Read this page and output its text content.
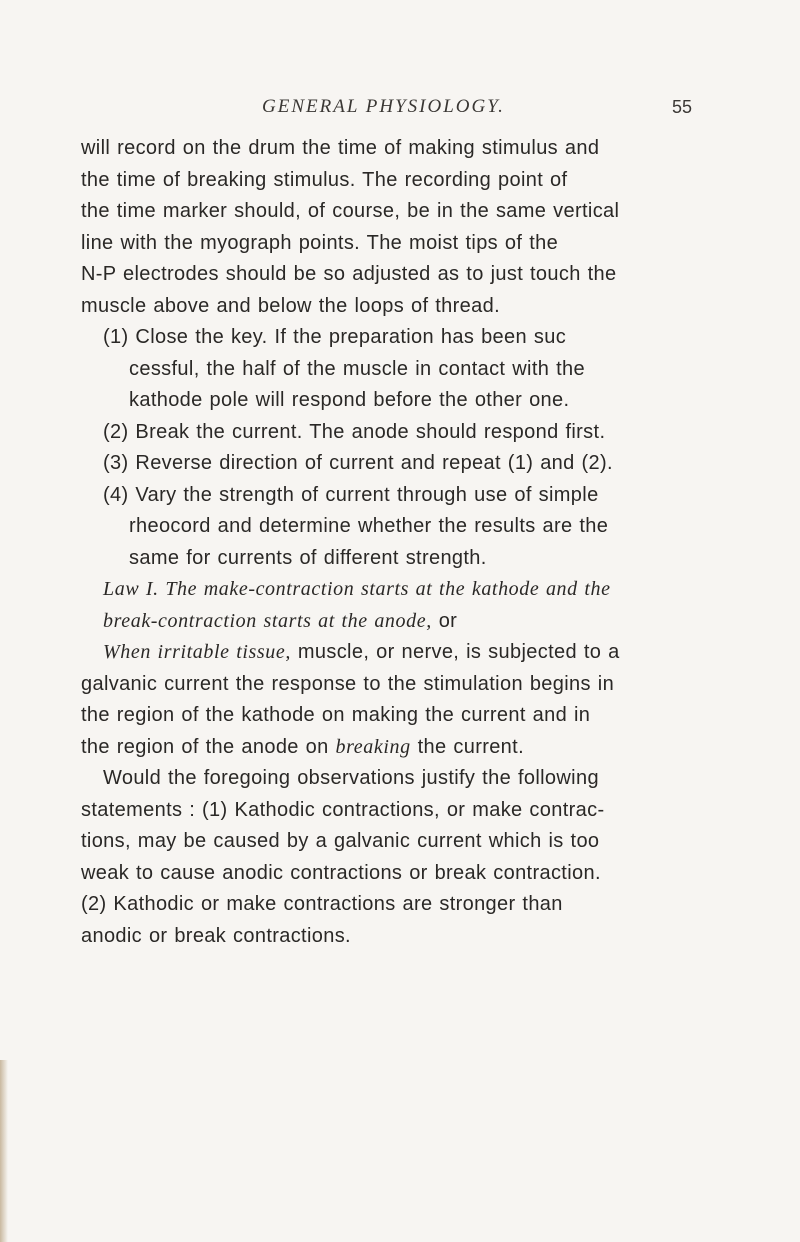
GENERAL PHYSIOLOGY.	55
will record on the drum the time of making stimulus and
the time of breaking stimulus. The recording point of
the time marker should, of course, be in the same vertical
line with the myograph points. The moist tips of the
N-P electrodes should be so adjusted as to just touch the
muscle above and below the loops of thread.
(1) Close the key. If the preparation has been suc
cessful, the half of the muscle in contact with the
kathode pole will respond before the other one.
(2) Break the current. The anode should respond first.
(3) Reverse direction of current and repeat (1) and (2).
(4) Vary the strength of current through use of simple
rheocord and determine whether the results are the
same for currents of different strength.
Law I. The make-contraction starts at the kathode and the
break-contraction starts at the anode, or
When irritable tissue, muscle, or nerve, is subjected to a
galvanic current the response to the stimulation begins in
the region of the kathode on making the current and in
the region of the anode on breaking the current.
Would the foregoing observations justify the following
statements : (1) Kathodic contractions, or make contrac-
tions, may be caused by a galvanic current which is too
weak to cause anodic contractions or break contraction.
(2) Kathodic or make contractions are stronger than
anodic or break contractions.
